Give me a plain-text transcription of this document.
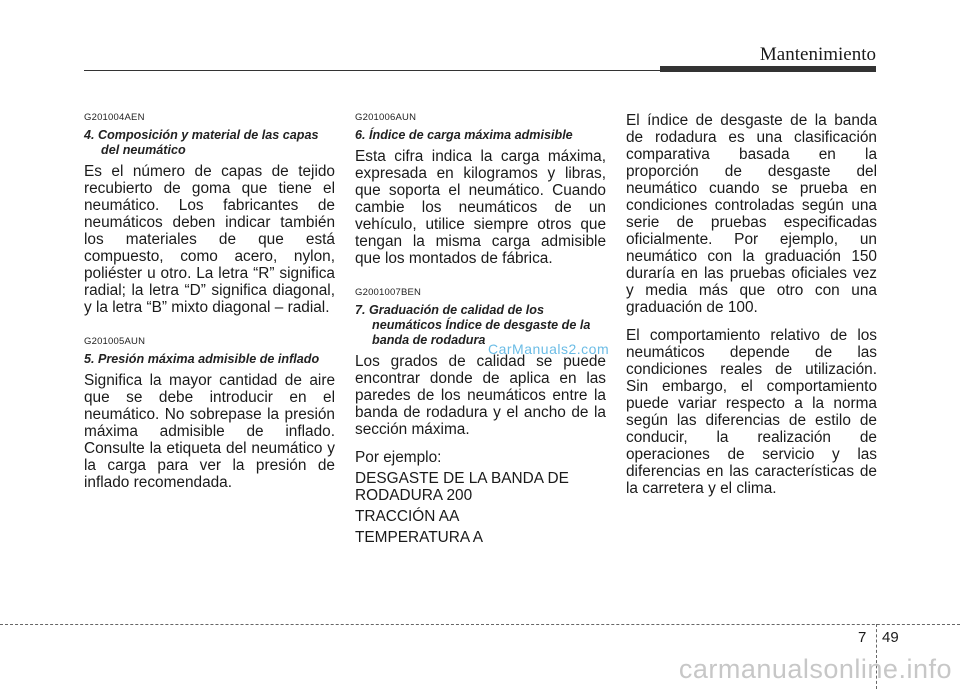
Mantenimiento
G201004AEN
4. Composición y material de las capas del neumático

Es el número de capas de tejido recubierto de goma que tiene el neumático. Los fabricantes de neumáticos deben indicar también los materiales de que está compuesto, como acero, nylon, poliéster u otro. La letra “R” significa radial; la letra “D” significa diagonal, y la letra “B” mixto diagonal – radial.

G201005AUN
5. Presión máxima admisible de inflado

Significa la mayor cantidad de aire que se debe introducir en el neumático. No sobrepase la presión máxima admisible de inflado. Consulte la etiqueta del neumático y la carga para ver la presión de inflado recomendada.

G201006AUN
6. Índice de carga máxima admisible

Esta cifra indica la carga máxima, expresada en kilogramos y libras, que soporta el neumático. Cuando cambie los neumáticos de un vehículo, utilice siempre otros que tengan la misma carga admisible que los montados de fábrica.

G2001007BEN
7. Graduación de calidad de los neumáticos Índice de desgaste de la banda de rodadura

Los grados de calidad se puede encontrar donde de aplica en las paredes de los neumáticos entre la banda de rodadura y el ancho de la sección máxima.

Por ejemplo:

DESGASTE DE LA BANDA DE RODADURA 200

TRACCIÓN AA

TEMPERATURA A

El índice de desgaste de la banda de rodadura es una clasificación comparativa basada en la proporción de desgaste del neumático cuando se prueba en condiciones controladas según una serie de pruebas especificadas oficialmente. Por ejemplo, un neumático con la graduación 150 duraría en las pruebas oficiales vez y media más que otro con una graduación de 100.

El comportamiento relativo de los neumáticos depende de las condiciones reales de utilización. Sin embargo, el comportamiento puede variar respecto a la norma según las diferencias de estilo de conducir, la realización de operaciones de servicio y las diferencias en las características de la carretera y el clima.

CarManuals2.com
7 49
carmanualsonline.info
